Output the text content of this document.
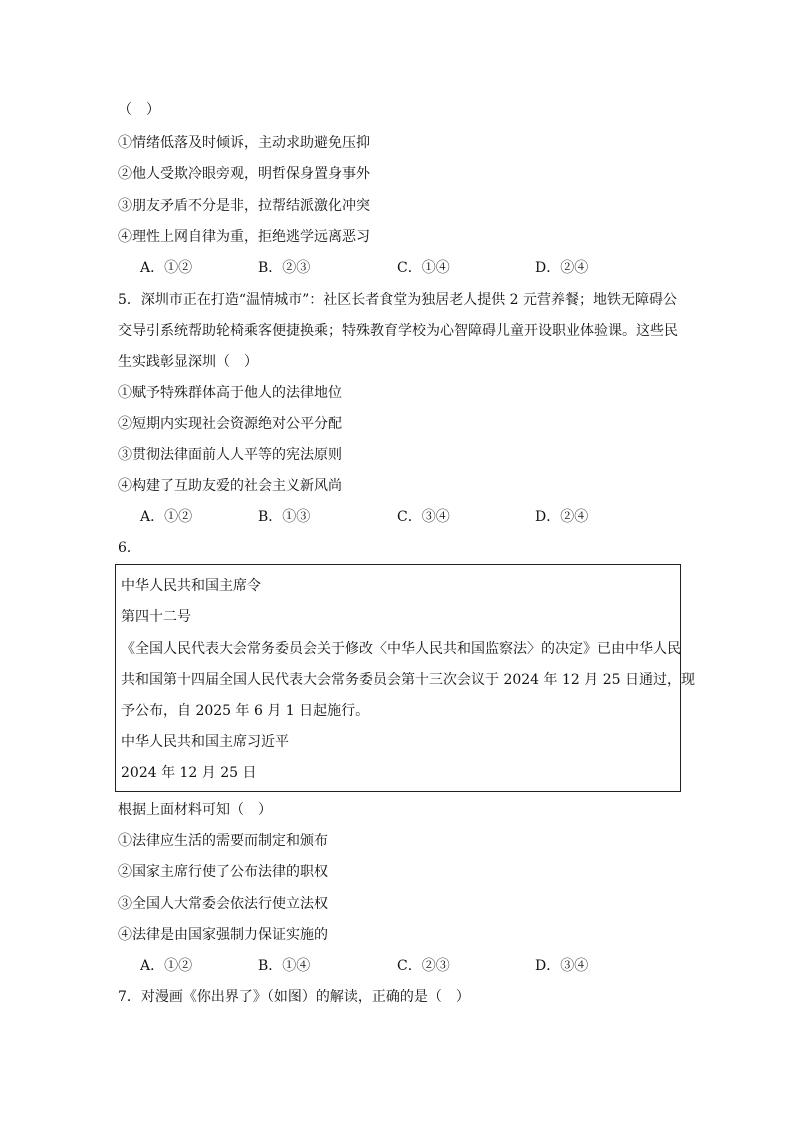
（　）
①情绪低落及时倾诉，主动求助避免压抑
②他人受欺冷眼旁观，明哲保身置身事外
③朋友矛盾不分是非，拉帮结派激化冲突
④理性上网自律为重，拒绝逃学远离恶习
A．①②	B．②③	C．①④	D．②④
5．深圳市正在打造“温情城市”：社区长者食堂为独居老人提供 2 元营养餐；地铁无障碍公
交导引系统帮助轮椅乘客便捷换乘；特殊教育学校为心智障碍儿童开设职业体验课。这些民
生实践彰显深圳（　）
①赋予特殊群体高于他人的法律地位
②短期内实现社会资源绝对公平分配
③贯彻法律面前人人平等的宪法原则
④构建了互助友爱的社会主义新风尚
A．①②	B．①③	C．③④	D．②④
6．
中华人民共和国主席令
第四十二号
《全国人民代表大会常务委员会关于修改〈中华人民共和国监察法〉的决定》已由中华人民
共和国第十四届全国人民代表大会常务委员会第十三次会议于 2024 年 12 月 25 日通过，现
予公布，自 2025 年 6 月 1 日起施行。
中华人民共和国主席习近平
2024 年 12 月 25 日
根据上面材料可知（　）
①法律应生活的需要而制定和颁布
②国家主席行使了公布法律的职权
③全国人大常委会依法行使立法权
④法律是由国家强制力保证实施的
A．①②	B．①④	C．②③	D．③④
7．对漫画《你出界了》（如图）的解读，正确的是（　）
